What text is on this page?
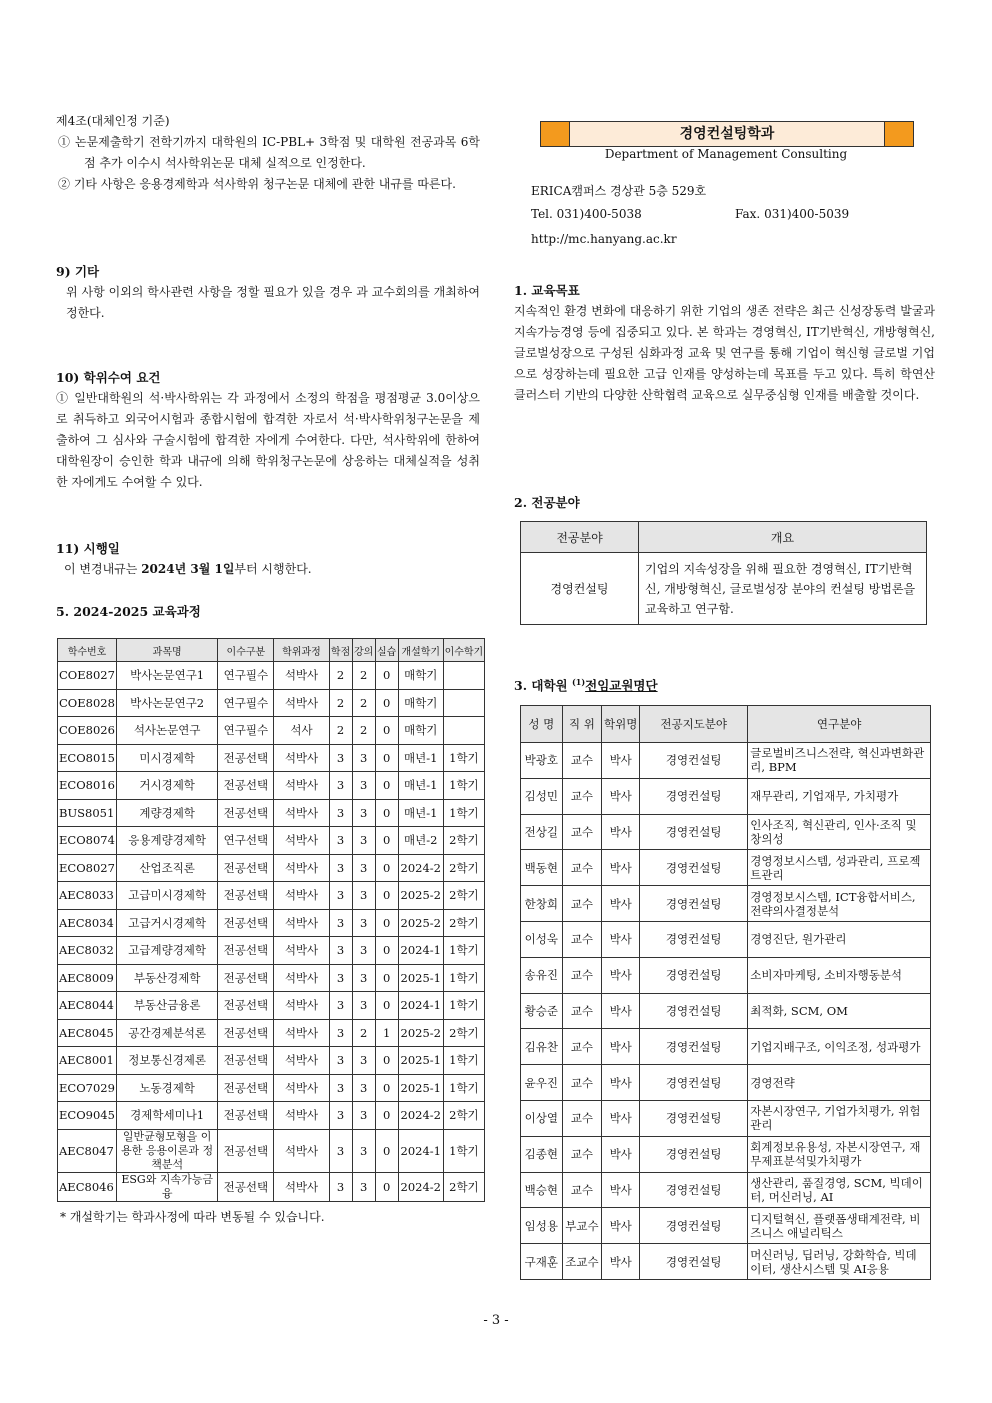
제4조(대체인정 기준)

① 논문제출학기 전학기까지 대학원의 IC-PBL+ 3학점 및 대학원 전공과목 6학점 추가 이수시 석사학위논문 대체 실적으로 인정한다.

② 기타 사항은 응용경제학과 석사학위 청구논문 대체에 관한 내규를 따른다.

9) 기타

위 사항 이외의 학사관련 사항을 정할 필요가 있을 경우 과 교수회의를 개최하여 정한다.

10) 학위수여 요건

① 일반대학원의 석·박사학위는 각 과정에서 소정의 학점을 평점평균 3.0이상으로 취득하고 외국어시험과 종합시험에 합격한 자로서 석·박사학위청구논문을 제출하여 그 심사와 구술시험에 합격한 자에게 수여한다. 다만, 석사학위에 한하여 대학원장이 승인한 학과 내규에 의해 학위청구논문에 상응하는 대체실적을 성취한 자에게도 수여할 수 있다.

11) 시행일

이 변경내규는 2024년 3월 1일부터 시행한다.

5. 2024-2025 교육과정

학수번호	과목명	이수구분	학위과정	학점	강의	실습	개설학기	이수학기
COE8027	박사논문연구1	연구필수	석박사	2	2	0	매학기	
COE8028	박사논문연구2	연구필수	석박사	2	2	0	매학기	
COE8026	석사논문연구	연구필수	석사	2	2	0	매학기	
ECO8015	미시경제학	전공선택	석박사	3	3	0	매년-1	1학기
ECO8016	거시경제학	전공선택	석박사	3	3	0	매년-1	1학기
BUS8051	계량경제학	전공선택	석박사	3	3	0	매년-1	1학기
ECO8074	응용계량경제학	연구선택	석박사	3	3	0	매년-2	2학기
ECO8027	산업조직론	전공선택	석박사	3	3	0	2024-2	2학기
AEC8033	고급미시경제학	전공선택	석박사	3	3	0	2025-2	2학기
AEC8034	고급거시경제학	전공선택	석박사	3	3	0	2025-2	2학기
AEC8032	고급계량경제학	전공선택	석박사	3	3	0	2024-1	1학기
AEC8009	부동산경제학	전공선택	석박사	3	3	0	2025-1	1학기
AEC8044	부동산금융론	전공선택	석박사	3	3	0	2024-1	1학기
AEC8045	공간경제분석론	전공선택	석박사	3	2	1	2025-2	2학기
AEC8001	정보통신경제론	전공선택	석박사	3	3	0	2025-1	1학기
ECO7029	노동경제학	전공선택	석박사	3	3	0	2025-1	1학기
ECO9045	경제학세미나1	전공선택	석박사	3	3	0	2024-2	2학기
AEC8047	일반균형모형을 이용한 응용이론과 정책분석	전공선택	석박사	3	3	0	2024-1	1학기
AEC8046	ESG와 지속가능금융	전공선택	석박사	3	3	0	2024-2	2학기

* 개설학기는 학과사정에 따라 변동될 수 있습니다.

경영컨설팅학과

Department of Management Consulting

ERICA캠퍼스 경상관 5층 529호

Tel. 031)400-5038	Fax. 031)400-5039

http://mc.hanyang.ac.kr

1. 교육목표

지속적인 환경 변화에 대응하기 위한 기업의 생존 전략은 최근 신성장동력 발굴과 지속가능경영 등에 집중되고 있다. 본 학과는 경영혁신, IT기반혁신, 개방형혁신, 글로벌성장으로 구성된 심화과정 교육 및 연구를 통해 기업이 혁신형 글로벌 기업으로 성장하는데 필요한 고급 인재를 양성하는데 목표를 두고 있다. 특히 학연산클러스터 기반의 다양한 산학협력 교육으로 실무중심형 인재를 배출할 것이다.

2. 전공분야

전공분야	개요
경영컨설팅	기업의 지속성장을 위해 필요한 경영혁신, IT기반혁신, 개방형혁신, 글로벌성장 분야의 컨설팅 방법론을 교육하고 연구함.

3. 대학원 $^{(1)}$전임교원명단

성 명	직 위	학위명	전공지도분야	연구분야
박광호	교수	박사	경영컨설팅	글로벌비즈니스전략, 혁신과변화관리, BPM
김성민	교수	박사	경영컨설팅	재무관리, 기업재무, 가치평가
전상길	교수	박사	경영컨설팅	인사조직, 혁신관리, 인사·조직 및 창의성
백동현	교수	박사	경영컨설팅	경영정보시스템, 성과관리, 프로젝트관리
한창희	교수	박사	경영컨설팅	경영정보시스템, ICT융합서비스, 전략의사결정분석
이성욱	교수	박사	경영컨설팅	경영진단, 원가관리
송유진	교수	박사	경영컨설팅	소비자마케팅, 소비자행동분석
황승준	교수	박사	경영컨설팅	최적화, SCM, OM
김유찬	교수	박사	경영컨설팅	기업지배구조, 이익조정, 성과평가
윤우진	교수	박사	경영컨설팅	경영전략
이상열	교수	박사	경영컨설팅	자본시장연구, 기업가치평가, 위험관리
김종현	교수	박사	경영컨설팅	회계정보유용성, 자본시장연구, 재무제표분석및가치평가
백승현	교수	박사	경영컨설팅	생산관리, 품질경영, SCM, 빅데이터, 머신러닝, AI
임성용	부교수	박사	경영컨설팅	디지털혁신, 플랫폼생태계전략, 비즈니스 애널리틱스
구재훈	조교수	박사	경영컨설팅	머신러닝, 딥러닝, 강화학습, 빅데이터, 생산시스템 및 AI응용

- 3 -
